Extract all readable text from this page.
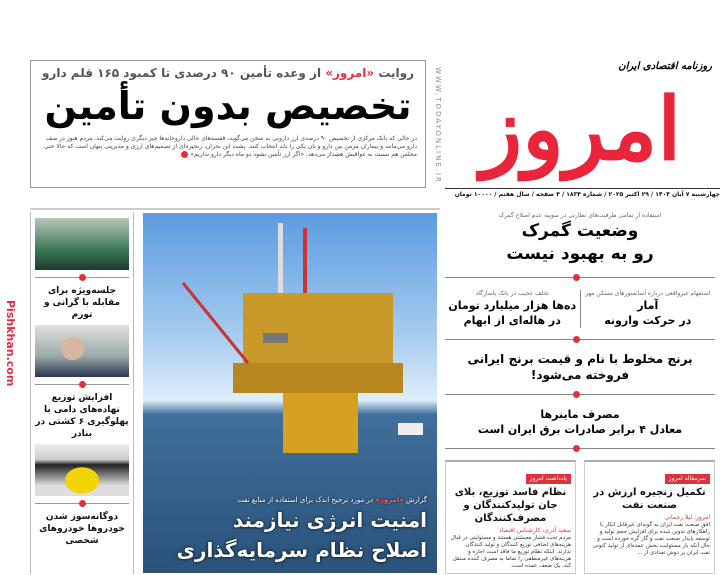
روایت «امروز» از وعده تأمین ۹۰ درصدی تا کمبود ۱۶۵ قلم دارو
تخصیص بدون تأمین
در حالی که بانک مرکزی از تخصیص ۹۰ درصدی ارز دارویی به سخن می‌گوید، قفسه‌های خالی داروخانه‌ها چیز دیگری روایت می‌کند. مردم هنوز در صف دارو می‌مانند و بیماران مزمن بین دارو و نان یکی را باید انتخاب کنند. پشت این بحران، زنجیره‌ای از تصمیم‌های ارزی و مدیریتی پنهان است که حالا حتی مجلس هم نسبت به عواقبش هشدار می‌دهد: «اگر ارز تأمین نشود دو ماه دیگر دارو نداریم»	WWW.TODAYONLINE.IR
روزنامه اقتصادی ایران
امروز
چهارشنبه ۷ آبان ۱۴۰۴ / ۲۹ اکتبر ۲۰۲۵ / شماره ۱۸۳۴ / ۴ صفحه / سال هفتم / ۱۰۰۰۰ تومان
جلسه‌ویژه برای مقابله با گرانی و تورم
افزایش توزیع نهاده‌های دامی با پهلوگیری ۶ کشتی در بنادر
دوگانه‌سوز شدن خودروها خودروهای شخصی
گزارش «امروز» در مورد ترجیح اندک برای استفاده از منابع نفت
امنیت انرژی نیازمند
اصلاح نظام سرمایه‌گذاری
استفاده از تمامی ظرفیت‌های نظارتی در سوییه عدم اصلاح گمرک
وضعیت گمرک
رو به بهبود نیست
استفهام غیرواقعی درباره آسانسورهای مسکن مهر
آمار
در حرکت وارونه
تخلف عجیب در بانک پاسارگاد
ده‌ها هزار میلیارد تومان
در هاله‌ای از ابهام
برنج مخلوط با نام و قیمت برنج ایرانی
فروخته می‌شود!
مصرف ماینرها
معادل ۴ برابر صادرات برق ایران است
سرمقاله امروز
تکمیل زنجیره ارزش در صنعت نفت
امروز: لیلا رحمانی
افق صنعت نفت ایران به گونه‌ای غیرقابل انکار با راهکارهای تدوین شده برای افزایش حجم تولید و توسعه پایدار صنعت نفت و گاز گره خورده است و حال آنکه بار مسئولیت بخش عمده‌ای از تولید کنونی نفت ایران بر دوش تعدادی از ...
یادداشت امروز
نظام فاسد توزیع، بلای جان تولیدکنندگان و مصرف‌کنندگان
سعید آذری، کارشناس اقتصاد
مردم تحت فشار معیشتی هستند و مسئولیتی در قبال هزینه‌های اضافی توزیع کنندگان و تولید کنندگان ندارند. اینکه نظام توزیع ما فاقد است اجاره و هزینه‌های غیرمنطقی را تماما به مصرف کننده منتقل کند، یک ضعف عمده است.
Pishkhan.com
